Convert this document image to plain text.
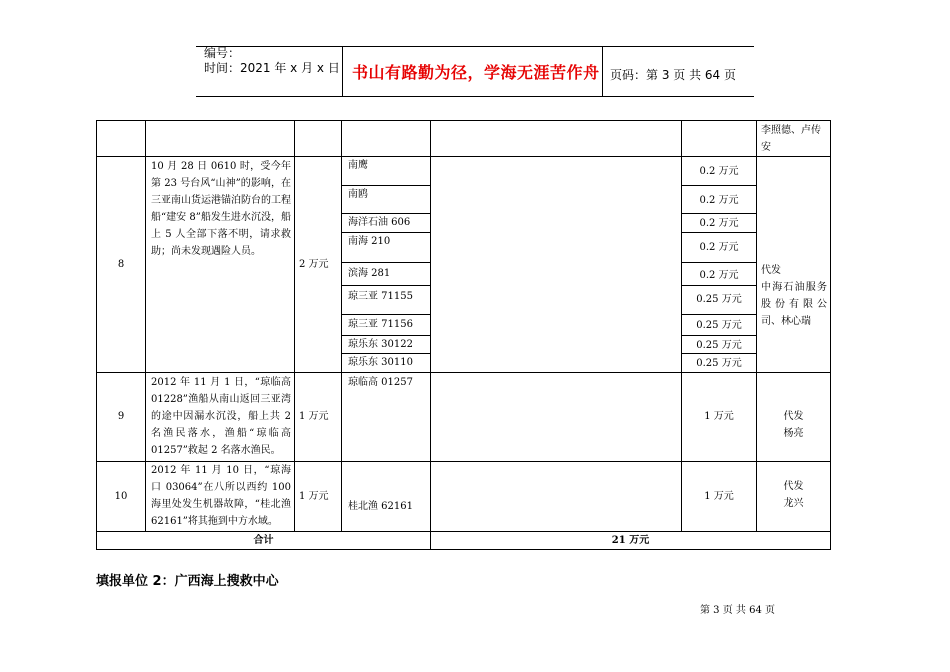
编号：
时间：2021 年 x 月 x 日 书山有路勤为径，学海无涯苦作舟 页码：第 3 页 共 64 页
李照德、卢传安
8
10 月 28 日 0610 时，受今年第 23 号台风“山神”的影响，在三亚南山货运港锚泊防台的工程船“建安 8”船发生进水沉没，船上 5 人全部下落不明，请求救助；尚未发现遇险人员。
2 万元
南鹰
南鸥
海洋石油 606
南海 210
滨海 281
琼三亚 71155
琼三亚 71156
琼乐东 30122
琼乐东 30110
0.2 万元
0.2 万元
0.2 万元
0.2 万元
0.2 万元
0.25 万元
0.25 万元
0.25 万元
0.25 万元
代发
中海石油服务股份有限公司、林心瑞
9
2012 年 11 月 1 日，“琼临高 01228”渔船从南山返回三亚湾的途中因漏水沉没，船上共 2 名渔民落水，渔船“琼临高 01257”救起 2 名落水渔民。
1 万元
琼临高 01257
1 万元	代发
杨亮
10
2012 年 11 月 10 日，“琼海口 03064”在八所以西约 100 海里处发生机器故障，“桂北渔 62161”将其拖到中方水域。
1 万元
桂北渔 62161
1 万元
代发
龙兴
合计	21 万元
填报单位 2：广西海上搜救中心
第 3 页 共 64 页
